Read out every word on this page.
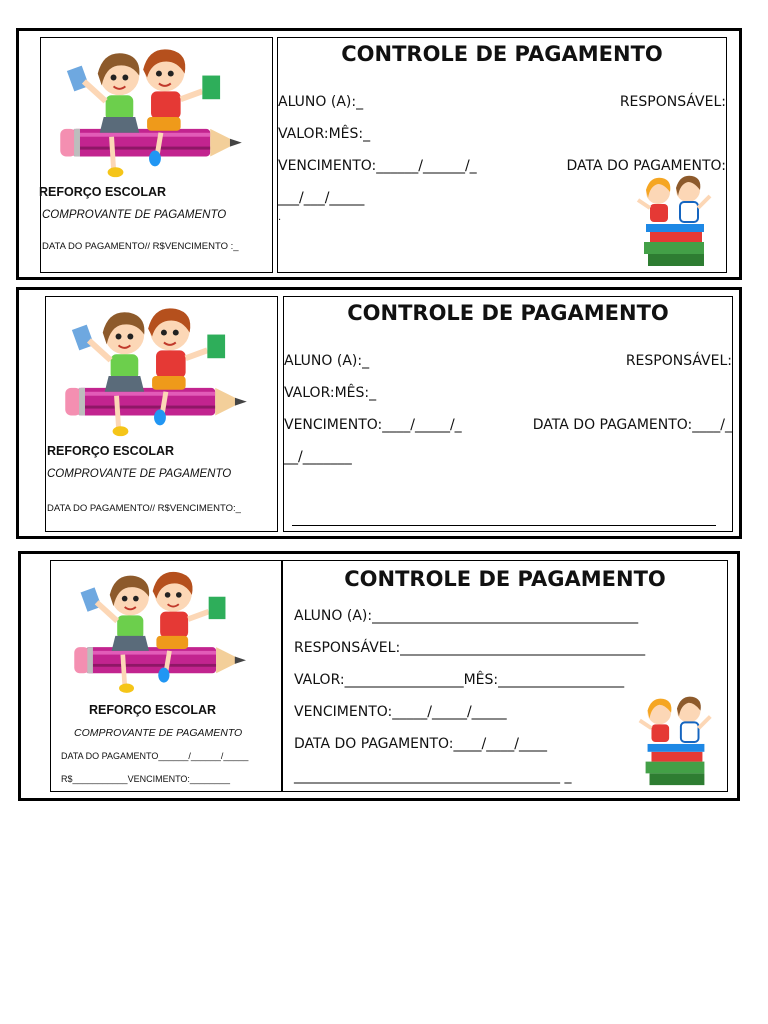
REFORÇO ESCOLAR
COMPROVANTE DE PAGAMENTO
DATA DO PAGAMENTO// R$VENCIMENTO :_
CONTROLE DE PAGAMENTO
ALUNO (A):_	RESPONSÁVEL:
VALOR:MÊS:_
VENCIMENTO:______/______/_	DATA DO PAGAMENTO:
___/___/_____
.
REFORÇO ESCOLAR
COMPROVANTE DE PAGAMENTO
DATA DO PAGAMENTO// R$VENCIMENTO:_
CONTROLE DE PAGAMENTO
ALUNO (A):_	RESPONSÁVEL:
VALOR:MÊS:_
VENCIMENTO:____/_____/_	DATA DO PAGAMENTO:____/_
__/_______
REFORÇO ESCOLAR
COMPROVANTE DE PAGAMENTO
DATA DO PAGAMENTO______/______/_____
R$___________VENCIMENTO:________
CONTROLE DE PAGAMENTO
ALUNO (A):______________________________________
RESPONSÁVEL:___________________________________
VALOR:_________________MÊS:__________________
VENCIMENTO:_____/_____/_____
DATA DO PAGAMENTO:____/____/____
______________________________________ _
